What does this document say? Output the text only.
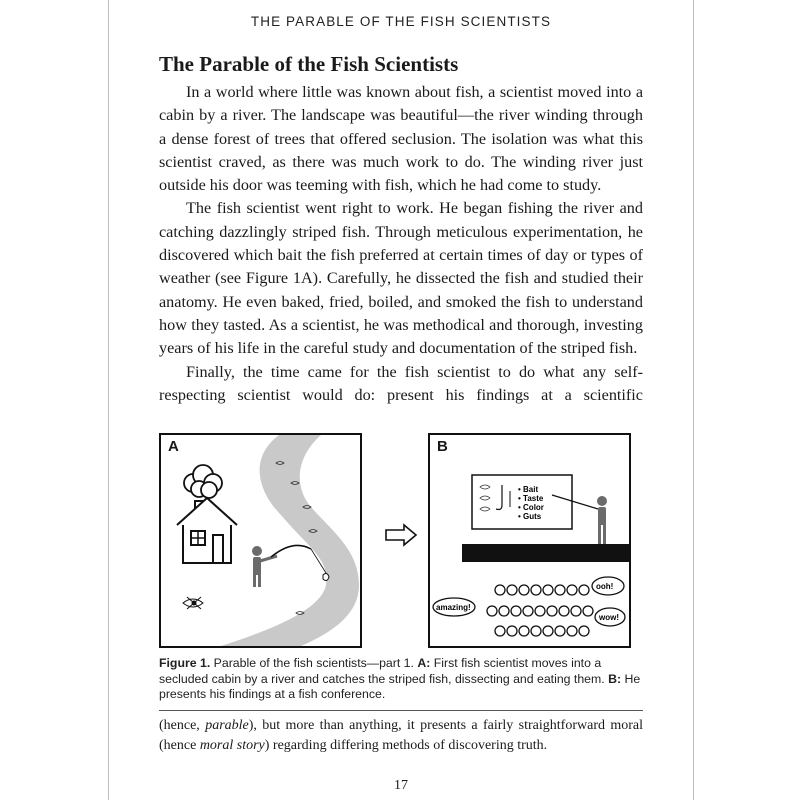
THE PARABLE OF THE FISH SCIENTISTS
The Parable of the Fish Scientists

In a world where little was known about fish, a scientist moved into a cabin by a river. The landscape was beautiful—the river winding through a dense forest of trees that offered seclusion. The isolation was what this scientist craved, as there was much work to do. The winding river just outside his door was teeming with fish, which he had come to study.

The fish scientist went right to work. He began fishing the river and catching dazzlingly striped fish. Through meticulous experimentation, he discovered which bait the fish preferred at certain times of day or types of weather (see Figure 1A). Carefully, he dissected the fish and studied their anatomy. He even baked, fried, boiled, and smoked the fish to understand how they tasted. As a scientist, he was methodical and thorough, investing years of his life in the careful study and documentation of the striped fish.

Finally, the time came for the fish scientist to do what any self-respecting scientist would do: present his findings at a scientific

A
• Bait
• Taste
• Color
• Guts
ooh!
amazing!
wow!
B
Figure 1. Parable of the fish scientists—part 1. A: First fish scientist moves into a secluded cabin by a river and catches the striped fish, dissecting and eating them. B: He presents his findings at a fish conference.
(hence, parable), but more than anything, it presents a fairly straightforward moral (hence moral story) regarding differing methods of discovering truth.
17
